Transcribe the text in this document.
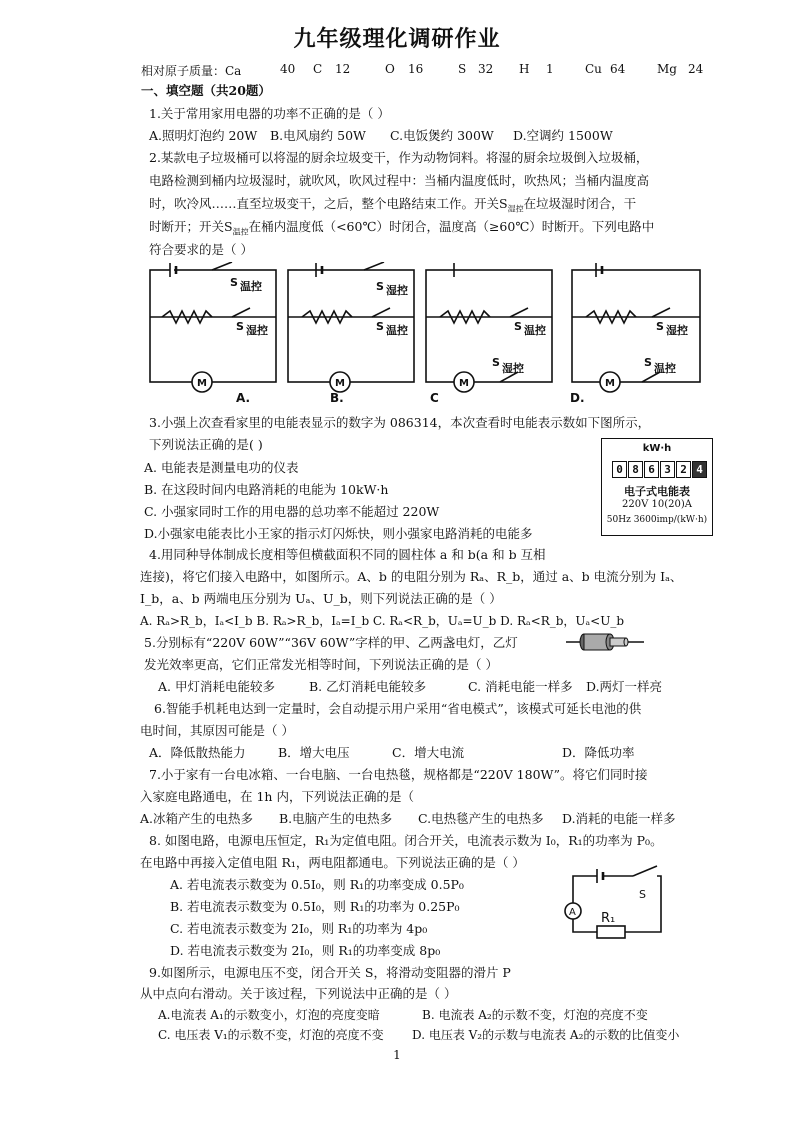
九年级理化调研作业
相对原子质量：Ca	40 C 12	O 16	S 32 H 1	Cu 64	Mg 24
一、填空题（共20题）
1.关于常用家用电器的功率不正确的是（ ）
A.照明灯泡约 20W B.电风扇约 50W C.电饭煲约 300W D.空调约 1500W
2.某款电子垃圾桶可以将湿的厨余垃圾变干，作为动物饲料。将湿的厨余垃圾倒入垃圾桶，
电路检测到桶内垃圾湿时，就吹风，吹风过程中：当桶内温度低时，吹热风；当桶内温度高
时，吹冷风……直至垃圾变干，之后，整个电路结束工作。开关$S_{湿控}$在垃圾湿时闭合，干
时断开；开关$S_{温控}$在桶内温度低（<60℃）时闭合，温度高（≥60℃）时断开。下列电路中
符合要求的是（ ）
S 温控
S 湿控
M
S 湿控
S 温控
M
S 温控
S 湿控
M
S 湿控
S 温控
M
A.	B.	C	D.
3.小强上次查看家里的电能表显示的数字为 086314，本次查看时电能表示数如下图所示，
下列说法正确的是( )
A. 电能表是测量电功的仪表
B. 在这段时间内电路消耗的电能为 10kW·h
C. 小强家同时工作的用电器的总功率不能超过 220W
D.小强家电能表比小王家的指示灯闪烁快，则小强家电路消耗的电能多
kW·h
0 8 6 3 2 4
电子式电能表
220V 10(20)A
50Hz 3600imp/(kW·h)
4.用同种导体制成长度相等但横截面积不同的圆柱体 a 和 b(a 和 b 互相
连接)，将它们接入电路中，如图所示。A、b 的电阻分别为 Rₐ、R_b，通过 a、b 电流分别为 Iₐ、
I_b，a、b 两端电压分别为 Uₐ、U_b，则下列说法正确的是（ ）
A. Rₐ>R_b，Iₐ<I_b B. Rₐ>R_b，Iₐ=I_b C. Rₐ<R_b，Uₐ=U_b D. Rₐ<R_b，Uₐ<U_b
5.分别标有“220V 60W”“36V 60W”字样的甲、乙两盏电灯，乙灯
发光效率更高，它们正常发光相等时间，下列说法正确的是（ ）
A. 甲灯消耗电能较多	B. 乙灯消耗电能较多	C. 消耗电能一样多 D.两灯一样亮
6.智能手机耗电达到一定量时，会自动提示用户采用“省电模式”，该模式可延长电池的供
电时间，其原因可能是（ ）
A．降低散热能力	B．增大电压	C．增大电流	D．降低功率
7.小于家有一台电冰箱、一台电脑、一台电热毯，规格都是“220V 180W”。将它们同时接
入家庭电路通电，在 1h 内，下列说法正确的是（
A.冰箱产生的电热多 B.电脑产生的电热多 C.电热毯产生的电热多 D.消耗的电能一样多
8. 如图电路，电源电压恒定，R₁为定值电阻。闭合开关，电流表示数为 I₀，R₁的功率为 P₀。
在电路中再接入定值电阻 R₁，两电阻都通电。下列说法正确的是（ ）
A. 若电流表示数变为 0.5I₀，则 R₁的功率变成 0.5P₀
B. 若电流表示数变为 0.5I₀，则 R₁的功率为 0.25P₀
C. 若电流表示数变为 2I₀，则 R₁的功率为 4p₀
D. 若电流表示数变为 2I₀，则 R₁的功率变成 8p₀
S
A R₁
9.如图所示，电源电压不变，闭合开关 S，将滑动变阻器的滑片 P
从中点向右滑动。关于该过程，下列说法中正确的是（ ）
A.电流表 A₁的示数变小，灯泡的亮度变暗	B. 电流表 A₂的示数不变，灯泡的亮度不变
C. 电压表 V₁的示数不变，灯泡的亮度不变 D. 电压表 V₂的示数与电流表 A₂的示数的比值变小
1
